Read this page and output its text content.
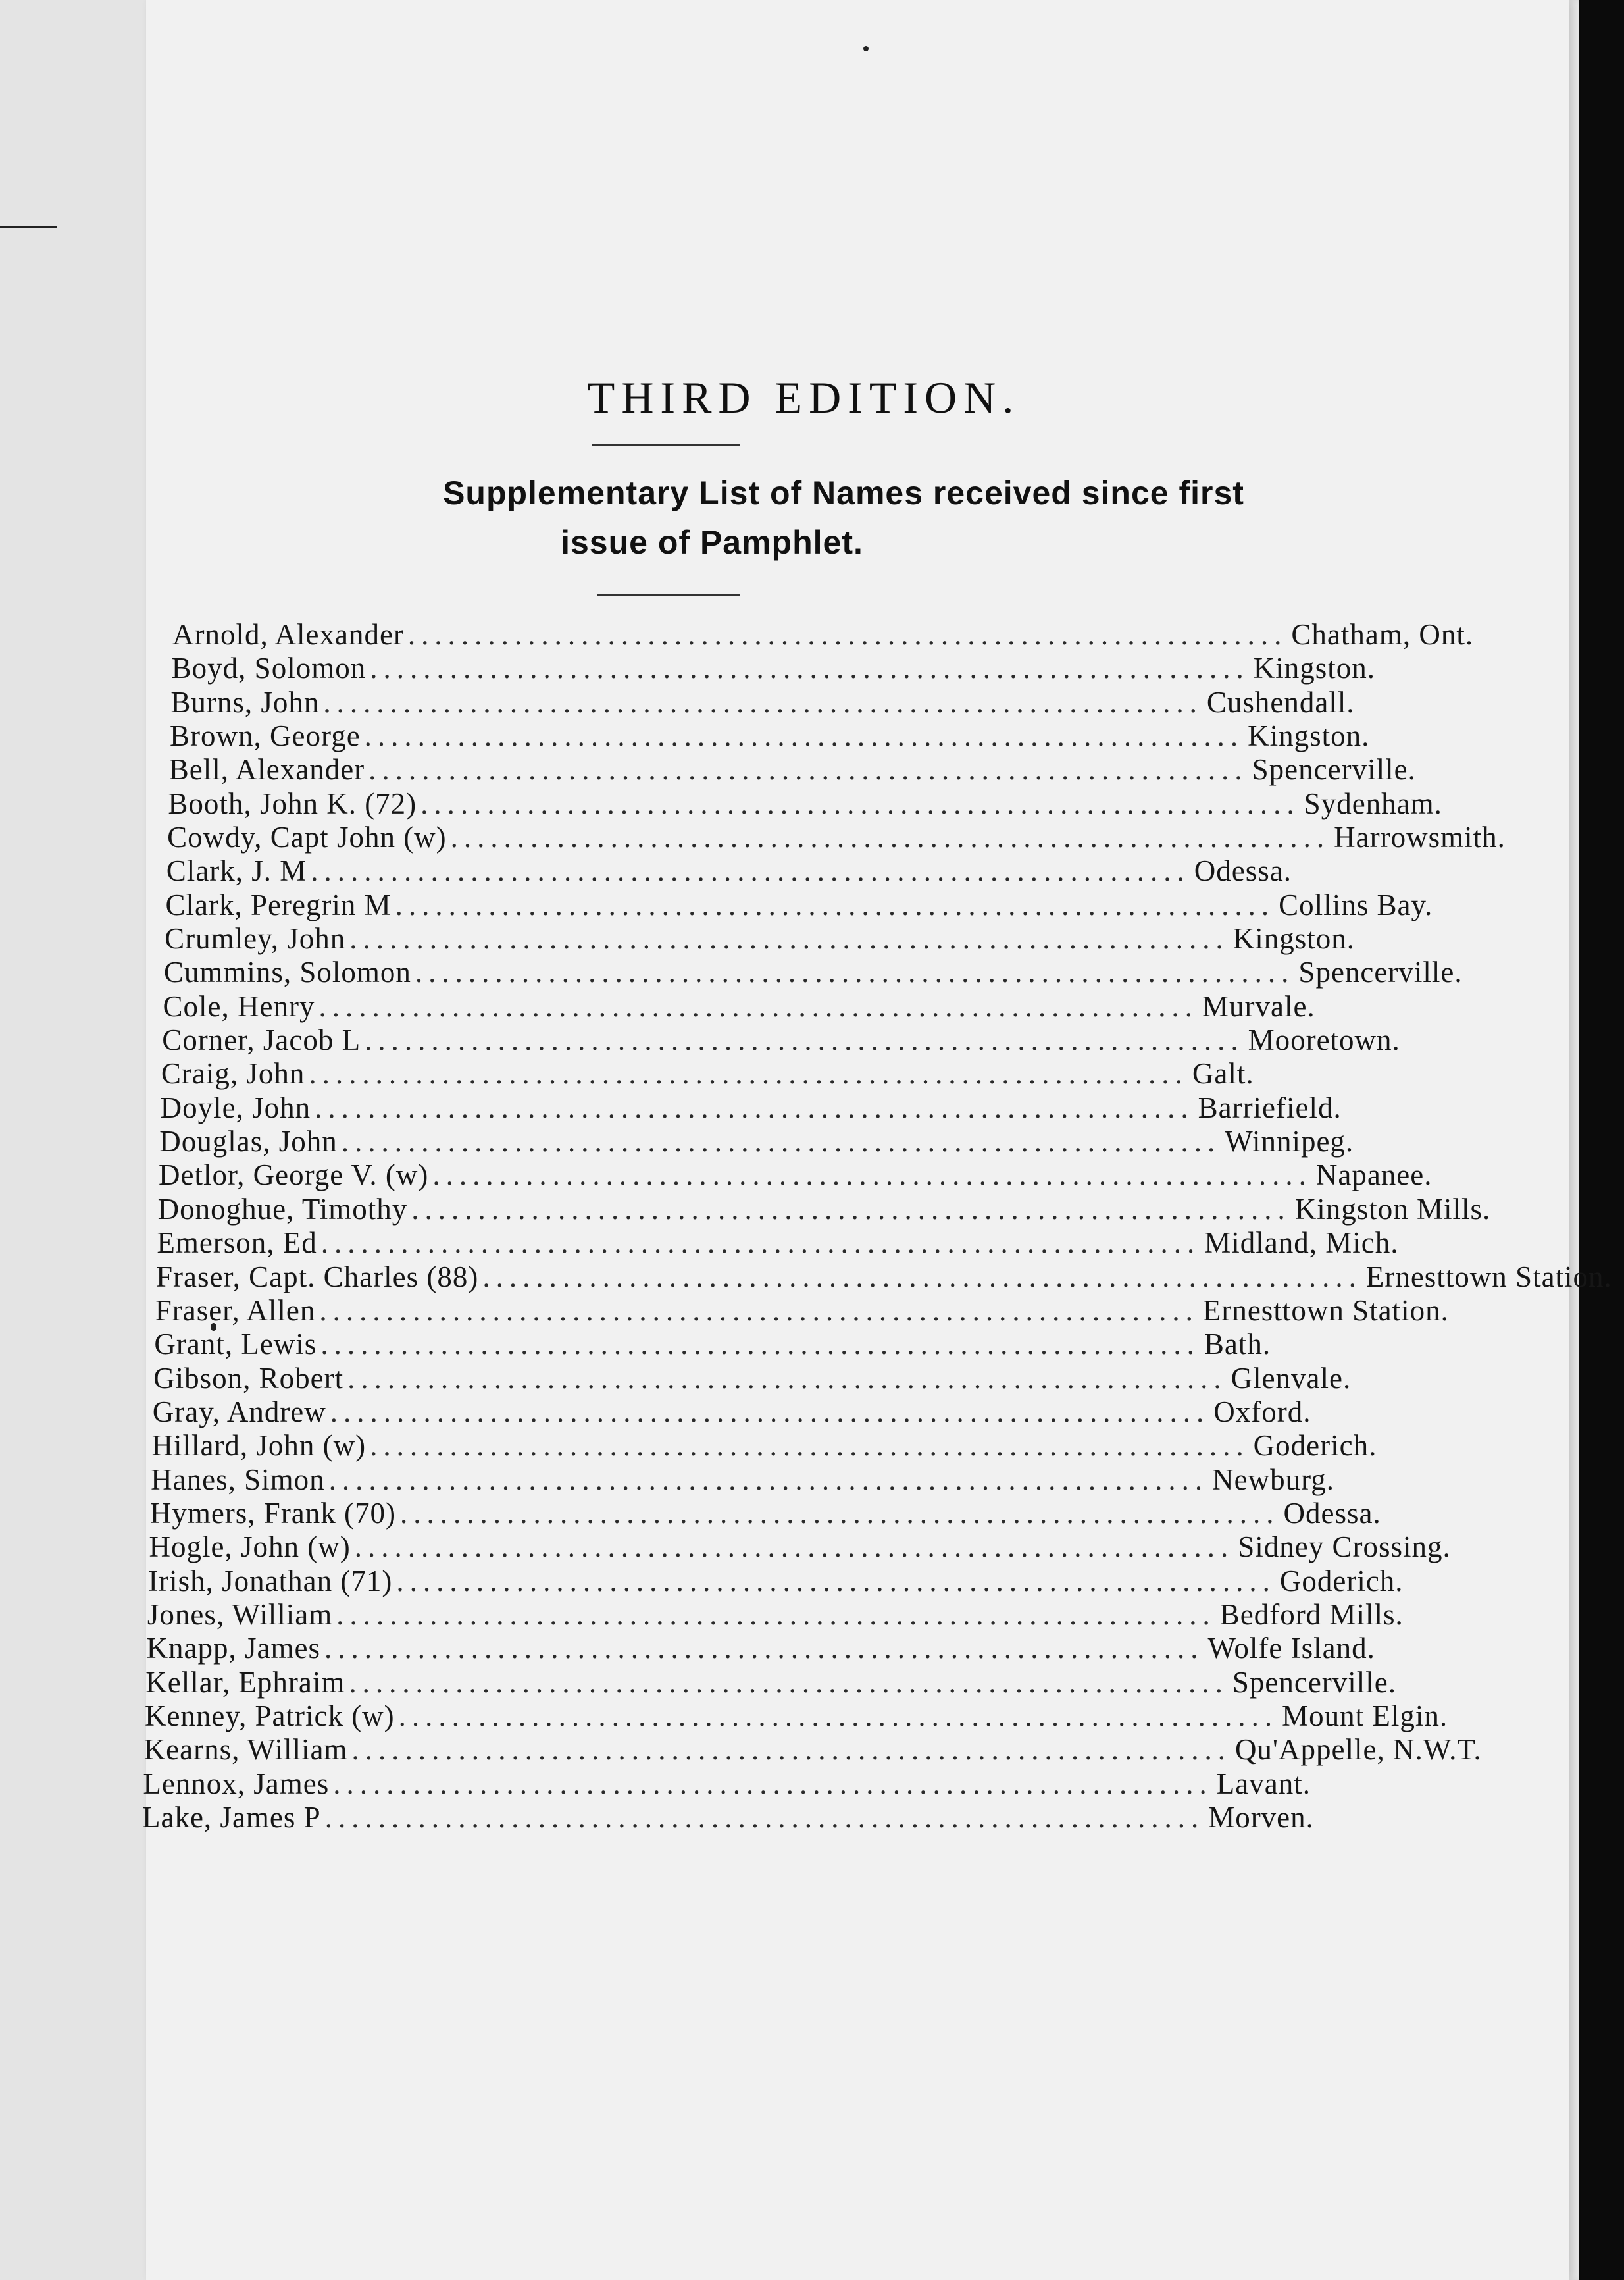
THIRD EDITION.
Supplementary List of Names received since first
issue of Pamphlet.
Arnold, Alexander .................................................................. Chatham, Ont.
Boyd, Solomon .................................................................. Kingston.
Burns, John .................................................................. Cushendall.
Brown, George .................................................................. Kingston.
Bell, Alexander .................................................................. Spencerville.
Booth, John K. (72) .................................................................. Sydenham.
Cowdy, Capt John (w) .................................................................. Harrowsmith.
Clark, J. M .................................................................. Odessa.
Clark, Peregrin M .................................................................. Collins Bay.
Crumley, John .................................................................. Kingston.
Cummins, Solomon .................................................................. Spencerville.
Cole, Henry .................................................................. Murvale.
Corner, Jacob L .................................................................. Mooretown.
Craig, John .................................................................. Galt.
Doyle, John .................................................................. Barriefield.
Douglas, John .................................................................. Winnipeg.
Detlor, George V. (w) .................................................................. Napanee.
Donoghue, Timothy .................................................................. Kingston Mills.
Emerson, Ed .................................................................. Midland, Mich.
Fraser, Capt. Charles (88) .................................................................. Ernesttown Station.
Fraser, Allen .................................................................. Ernesttown Station.
Grant, Lewis .................................................................. Bath.
Gibson, Robert .................................................................. Glenvale.
Gray, Andrew .................................................................. Oxford.
Hillard, John (w) .................................................................. Goderich.
Hanes, Simon .................................................................. Newburg.
Hymers, Frank (70) .................................................................. Odessa.
Hogle, John (w) .................................................................. Sidney Crossing.
Irish, Jonathan (71) .................................................................. Goderich.
Jones, William .................................................................. Bedford Mills.
Knapp, James .................................................................. Wolfe Island.
Kellar, Ephraim .................................................................. Spencerville.
Kenney, Patrick (w) .................................................................. Mount Elgin.
Kearns, William .................................................................. Qu'Appelle, N.W.T.
Lennox, James .................................................................. Lavant.
Lake, James P .................................................................. Morven.
